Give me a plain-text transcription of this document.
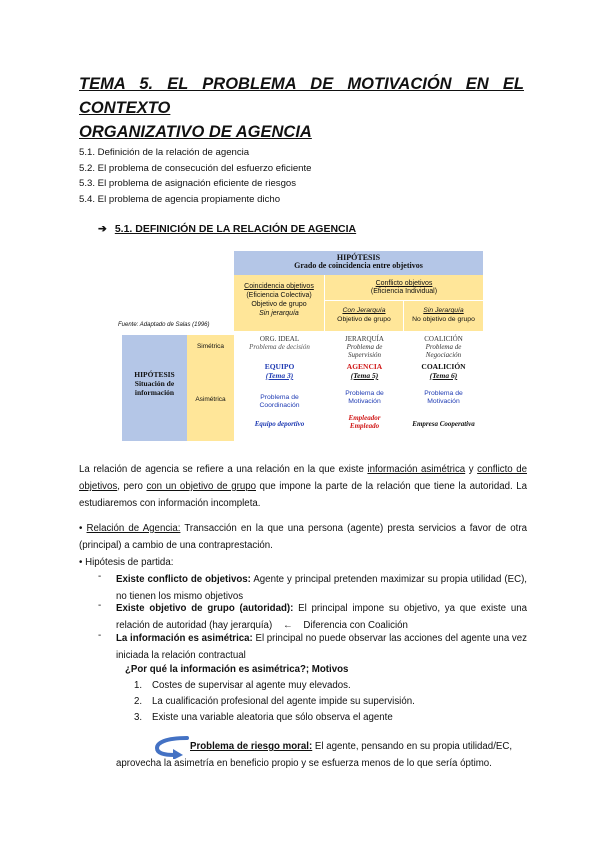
TEMA 5. EL PROBLEMA DE MOTIVACIÓN EN EL CONTEXTO
ORGANIZATIVO DE AGENCIA
5.1. Definición de la relación de agencia
5.2. El problema de consecución del esfuerzo eficiente
5.3. El problema de asignación eficiente de riesgos
5.4. El problema de agencia propiamente dicho
➔ 5.1. DEFINICIÓN DE LA RELACIÓN DE AGENCIA
HIPÓTESIS
Grado de coincidencia entre objetivos
Coincidencia objetivos
(Eficiencia Colectiva)
Objetivo de grupo
Sin jerarquía
Conflicto objetivos
(Eficiencia Individual)
Con Jerarquía
Objetivo de grupo
Sin Jerarquía
No objetivo de grupo
Fuente: Adaptado de Salas (1996)
HIPÓTESIS
Situación de
información
Simétrica
Asimétrica
ORG. IDEAL
Problema de decisión
JERARQUÍA
Problema de
Supervisión
COALICIÓN
Problema de
Negociación
EQUIPO
(Tema 3)
Problema de
Coordinación
Equipo deportivo
AGENCIA
(Tema 5)
Problema de
Motivación
Empleador
Empleado
COALICIÓN
(Tema 6)
Problema de
Motivación
Empresa Cooperativa

La relación de agencia se refiere a una relación en la que existe información asimétrica y conflicto de objetivos, pero con un objetivo de grupo que impone la parte de la relación que tiene la autoridad. La estudiaremos con información incompleta.

• Relación de Agencia: Transacción en la que una persona (agente) presta servicios a favor de otra (principal) a cambio de una contraprestación.

• Hipótesis de partida:

- Existe conflicto de objetivos: Agente y principal pretenden maximizar su propia utilidad (EC), no tienen los mismo objetivos

- Existe objetivo de grupo (autoridad): El principal impone su objetivo, ya que existe una relación de autoridad (hay jerarquía) ← Diferencia con Coalición

- La información es asimétrica: El principal no puede observar las acciones del agente una vez iniciada la relación contractual

¿Por qué la información es asimétrica?; Motivos

1. Costes de supervisar al agente muy elevados.
2. La cualificación profesional del agente impide su supervisión.
3. Existe una variable aleatoria que sólo observa el agente

Problema de riesgo moral: El agente, pensando en su propia utilidad/EC,

aprovecha la asimetría en beneficio propio y se esfuerza menos de lo que sería óptimo.
